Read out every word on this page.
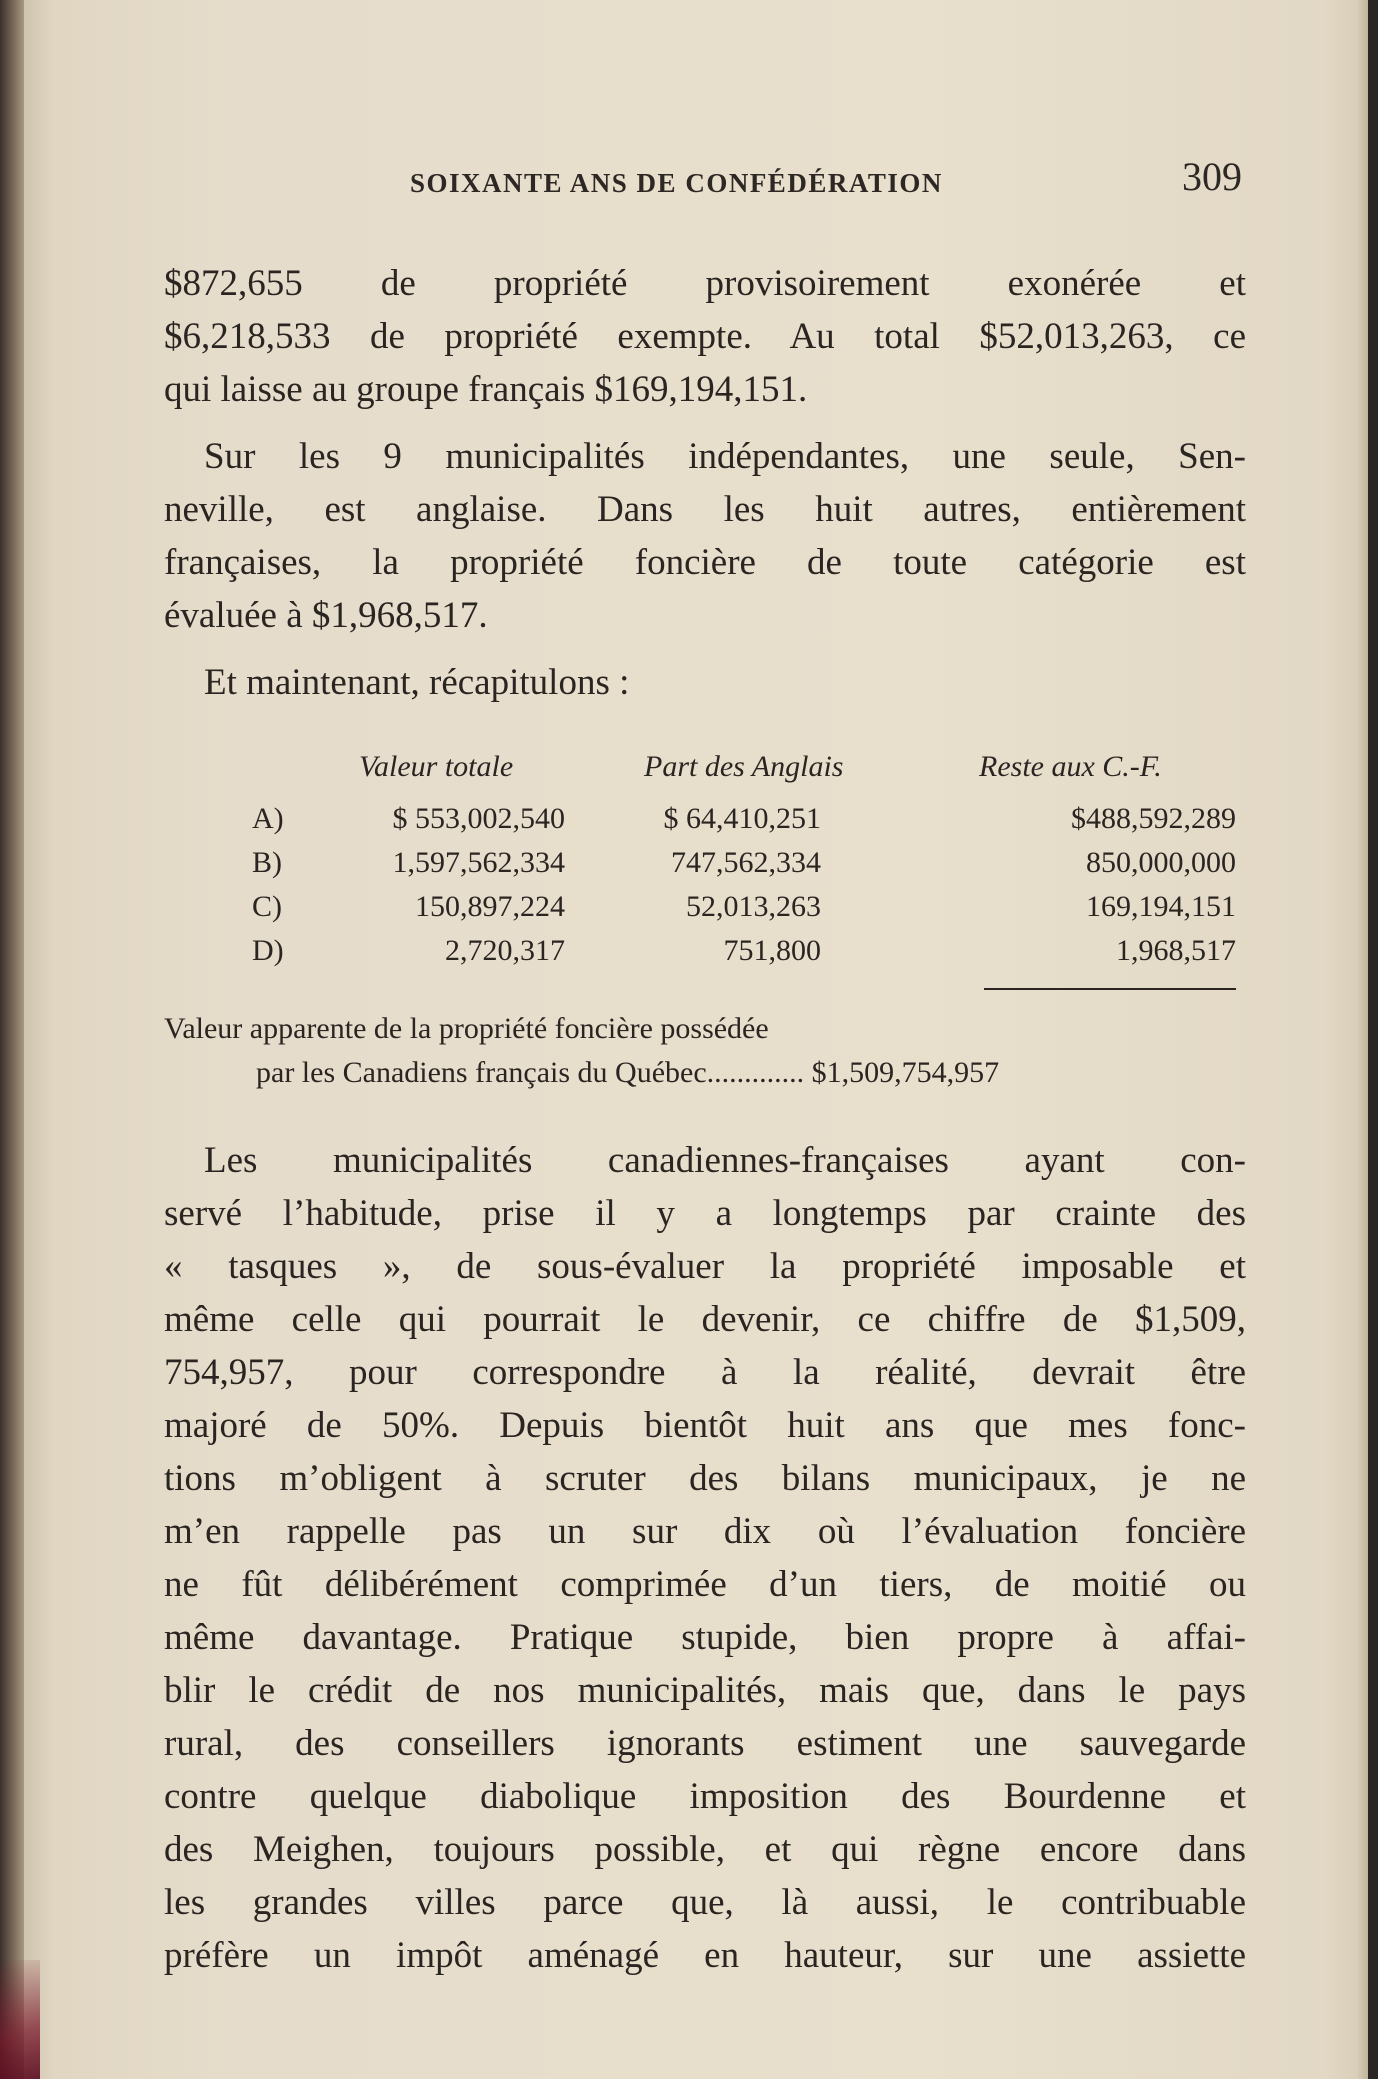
SOIXANTE ANS DE CONFÉDÉRATION	309
$872,655 de propriété provisoirement exonérée et
$6,218,533 de propriété exempte. Au total $52,013,263, ce
qui laisse au groupe français $169,194,151.
Sur les 9 municipalités indépendantes, une seule, Sen-
neville, est anglaise. Dans les huit autres, entièrement
françaises, la propriété foncière de toute catégorie est
évaluée à $1,968,517.
Et maintenant, récapitulons :
Valeur totale	Part des Anglais	Reste aux C.-F.
A)	$ 553,002,540	$ 64,410,251	$488,592,289
B)	1,597,562,334	747,562,334	850,000,000
C)	150,897,224	52,013,263	169,194,151
D)	2,720,317	751,800	1,968,517
Valeur apparente de la propriété foncière possédée
par les Canadiens français du Québec............. $1,509,754,957
Les municipalités canadiennes-françaises ayant con-
servé l’habitude, prise il y a longtemps par crainte des
« tasques », de sous-évaluer la propriété imposable et
même celle qui pourrait le devenir, ce chiffre de $1,509,
754,957, pour correspondre à la réalité, devrait être
majoré de 50%. Depuis bientôt huit ans que mes fonc-
tions m’obligent à scruter des bilans municipaux, je ne
m’en rappelle pas un sur dix où l’évaluation foncière
ne fût délibérément comprimée d’un tiers, de moitié ou
même davantage. Pratique stupide, bien propre à affai-
blir le crédit de nos municipalités, mais que, dans le pays
rural, des conseillers ignorants estiment une sauvegarde
contre quelque diabolique imposition des Bourdenne et
des Meighen, toujours possible, et qui règne encore dans
les grandes villes parce que, là aussi, le contribuable
préfère un impôt aménagé en hauteur, sur une assiette
